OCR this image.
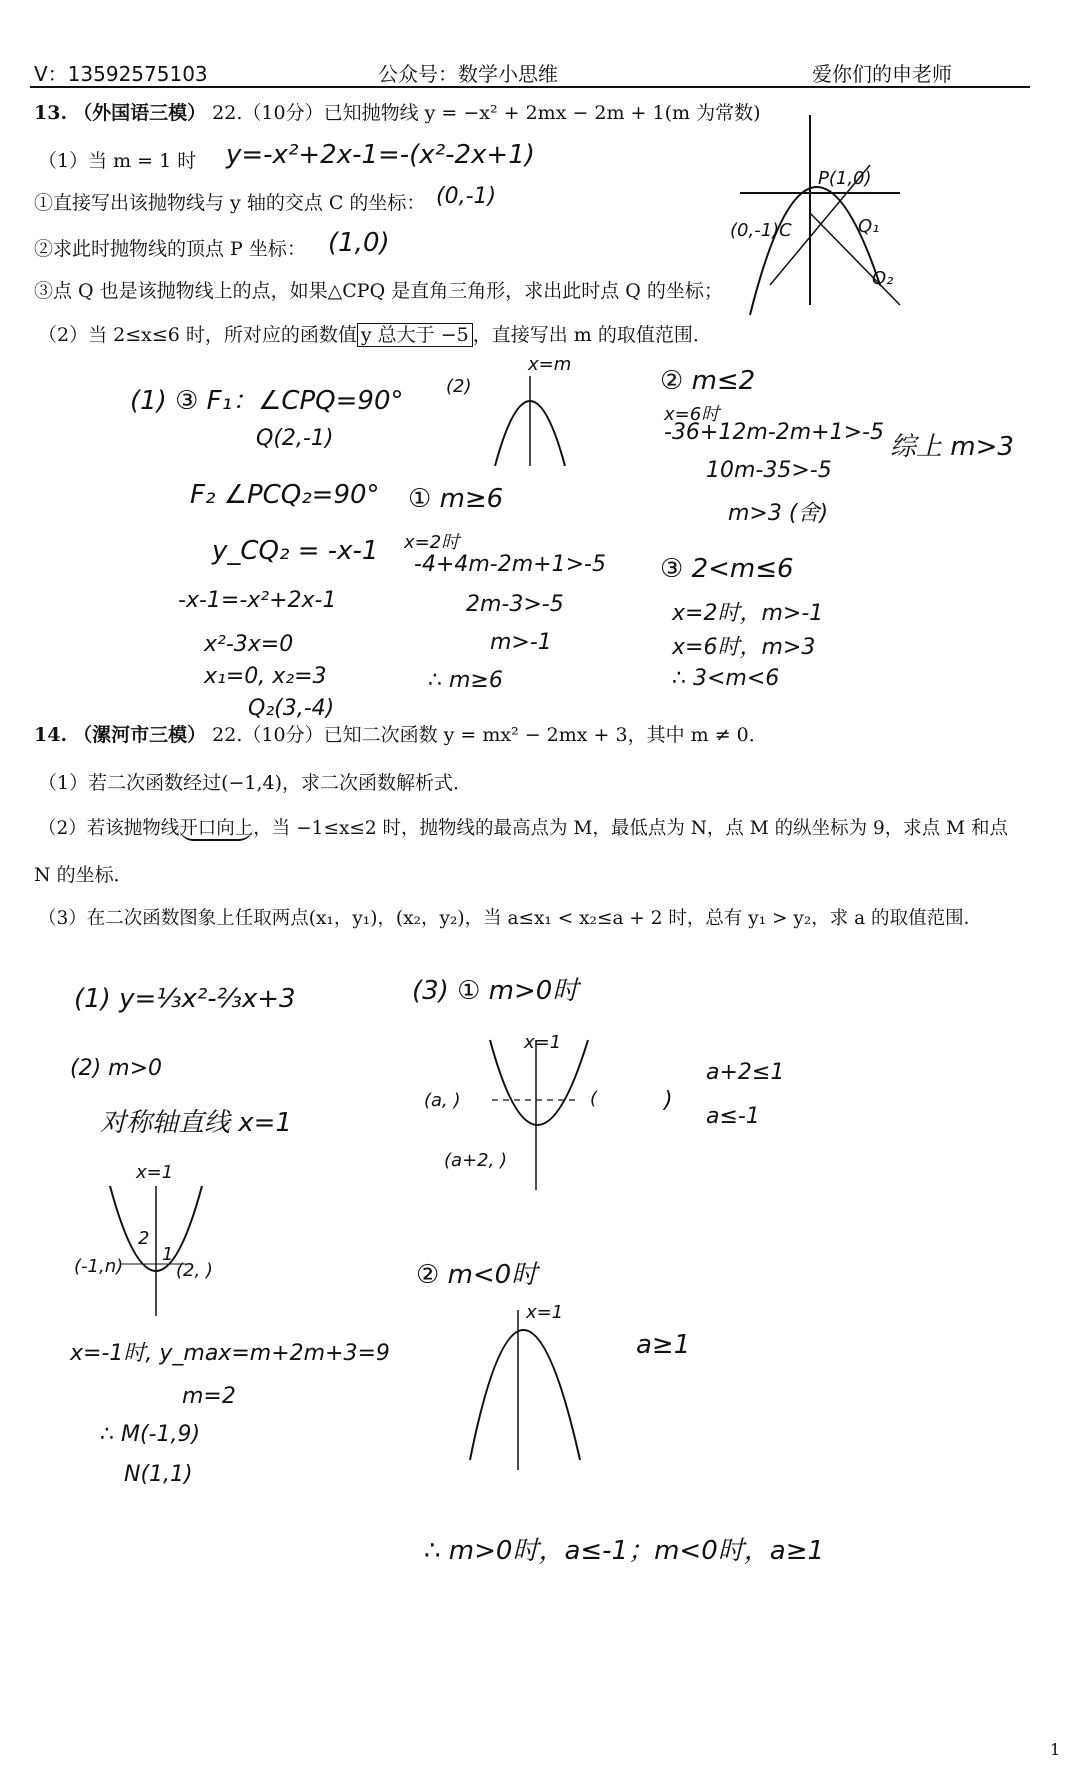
V：13592575103	公众号：数学小思维	爱你们的申老师
13. （外国语三模） 22.（10分）已知抛物线 y = −x² + 2mx − 2m + 1(m 为常数)
（1）当 m = 1 时 y=-x²+2x-1=-(x²-2x+1)
①直接写出该抛物线与 y 轴的交点 C 的坐标： (0,-1)
②求此时抛物线的顶点 P 坐标： (1,0)
③点 Q 也是该抛物线上的点，如果△CPQ 是直角三角形，求出此时点 Q 的坐标；
（2）当 2≤x≤6 时，所对应的函数值 y 总大于 −5 ，直接写出 m 的取值范围．
P(1,0)
(0,-1)C	Q₁
Q₂
(1) ③ F₁：∠CPQ=90°
Q(2,-1)
F₂ ∠PCQ₂=90°
y_CQ₂ = -x-1
-x-1=-x²+2x-1
x²-3x=0
x₁=0, x₂=3
Q₂(3,-4)
(2)
x=m
① m≥6
x=2时
-4+4m-2m+1>-5
2m-3>-5
m>-1
∴ m≥6
② m≤2
x=6时
-36+12m-2m+1>-5
10m-35>-5
m>3 (舍)
③ 2<m≤6
x=2时，m>-1
x=6时，m>3
∴ 3<m<6
综上 m>3
14. （漯河市三模） 22.（10分）已知二次函数 y = mx² − 2mx + 3，其中 m ≠ 0．
（1）若二次函数经过(−1,4)，求二次函数解析式．
（2）若该抛物线开口向上，当 −1≤x≤2 时，抛物线的最高点为 M，最低点为 N，点 M 的纵坐标为 9，求点 M 和点
N 的坐标．
（3）在二次函数图象上任取两点(x₁，y₁)，(x₂，y₂)，当 a≤x₁ < x₂≤a + 2 时，总有 y₁ > y₂，求 a 的取值范围．
(1) y=⅓x²-⅔x+3
(2) m>0
对称轴直线 x=1
x=1
2
1
(-1,n)	(2, )
x=-1时, y_max=m+2m+3=9
m=2
∴ M(-1,9)
N(1,1)
(3) ① m>0时
x=1
(a, )	(
(a+2, )
)
a+2≤1
a≤-1
② m<0时
x=1
a≥1
∴ m>0时，a≤-1；m<0时，a≥1
1
